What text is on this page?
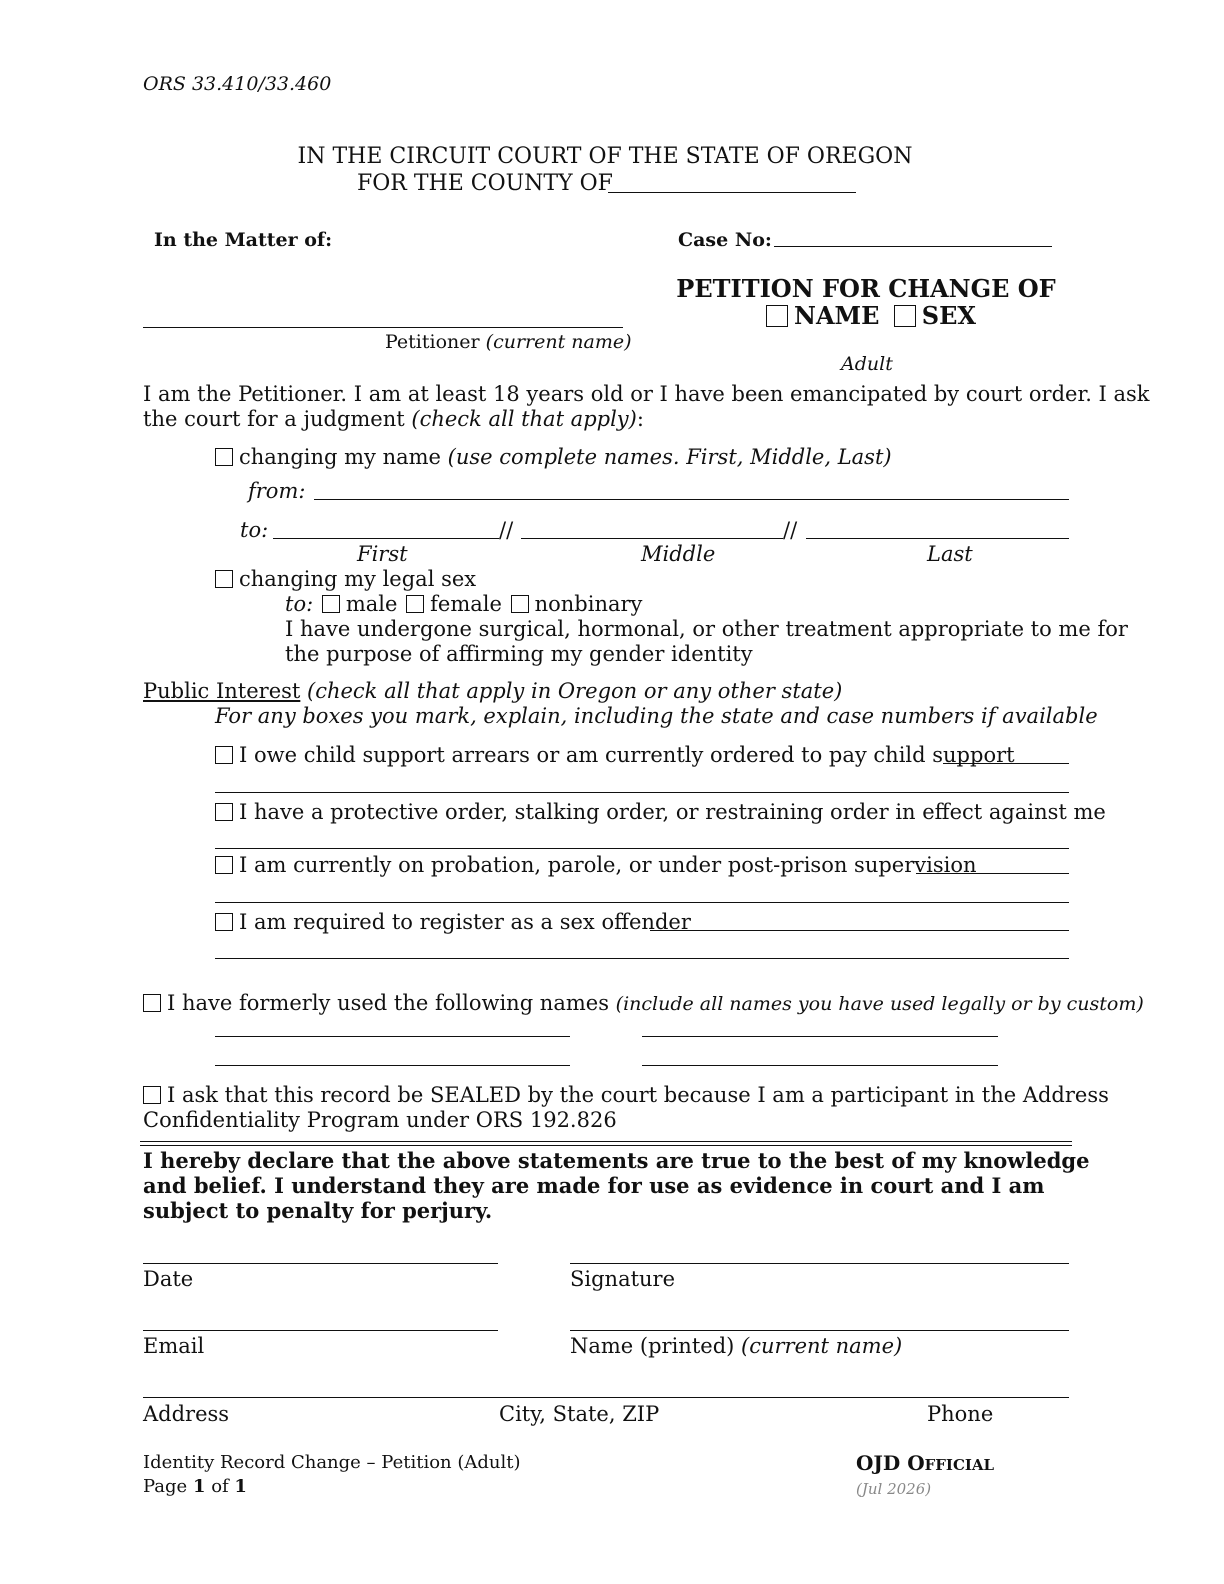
ORS 33.410/33.460
IN THE CIRCUIT COURT OF THE STATE OF OREGON
FOR THE COUNTY OF
In the Matter of:	Case No:
Petitioner (current name)
PETITION FOR CHANGE OF
NAME SEX
Adult
I am the Petitioner. I am at least 18 years old or I have been emancipated by court order. I ask
the court for a judgment (check all that apply):
changing my name (use complete names. First, Middle, Last)
from:
to:	//	//
First	Middle	Last
changing my legal sex
to: male female nonbinary
I have undergone surgical, hormonal, or other treatment appropriate to me for
the purpose of affirming my gender identity
Public Interest (check all that apply in Oregon or any other state)
For any boxes you mark, explain, including the state and case numbers if available
I owe child support arrears or am currently ordered to pay child support
I have a protective order, stalking order, or restraining order in effect against me
I am currently on probation, parole, or under post-prison supervision
I am required to register as a sex offender
I have formerly used the following names (include all names you have used legally or by custom)
I ask that this record be SEALED by the court because I am a participant in the Address
Confidentiality Program under ORS 192.826
I hereby declare that the above statements are true to the best of my knowledge
and belief. I understand they are made for use as evidence in court and I am
subject to penalty for perjury.
Date	Signature
Email	Name (printed) (current name)
Address	City, State, ZIP	Phone
Identity Record Change – Petition (Adult)
Page 1 of 1
OJD OFFICIAL
(Jul 2026)
